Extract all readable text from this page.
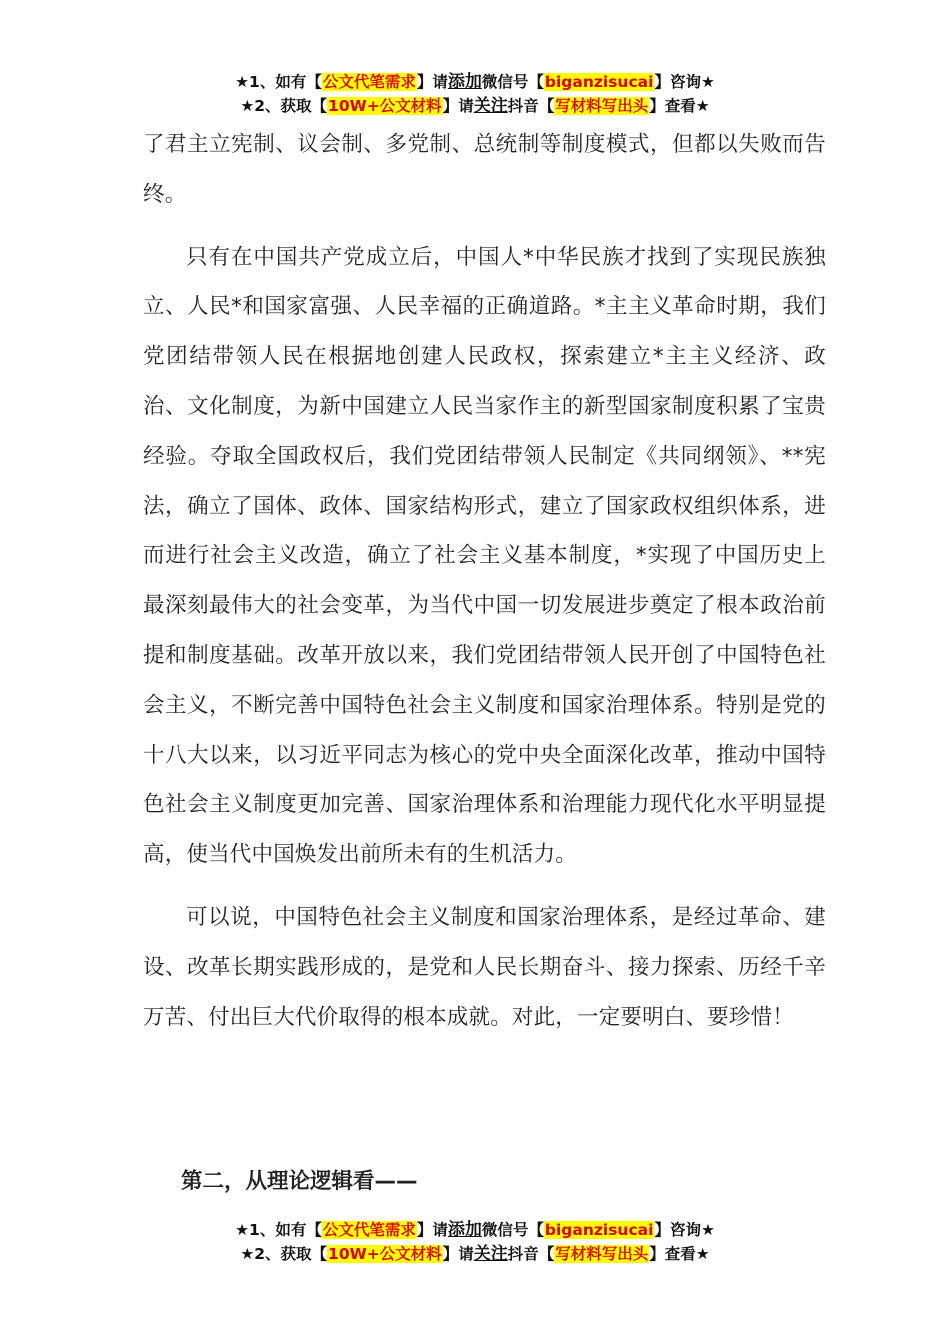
★1、如有【公文代笔需求】请添加微信号【biganzisucai】咨询★
★2、获取【10W+公文材料】请关注抖音【写材料写出头】查看★

了君主立宪制、议会制、多党制、总统制等制度模式，但都以失败而告终。

只有在中国共产党成立后，中国人*中华民族才找到了实现民族独立、人民*和国家富强、人民幸福的正确道路。*主主义革命时期，我们党团结带领人民在根据地创建人民政权，探索建立*主主义经济、政治、文化制度，为新中国建立人民当家作主的新型国家制度积累了宝贵经验。夺取全国政权后，我们党团结带领人民制定《共同纲领》、**宪法，确立了国体、政体、国家结构形式，建立了国家政权组织体系，进而进行社会主义改造，确立了社会主义基本制度，*实现了中国历史上最深刻最伟大的社会变革，为当代中国一切发展进步奠定了根本政治前提和制度基础。改革开放以来，我们党团结带领人民开创了中国特色社会主义，不断完善中国特色社会主义制度和国家治理体系。特别是党的十八大以来，以习近平同志为核心的党中央全面深化改革，推动中国特色社会主义制度更加完善、国家治理体系和治理能力现代化水平明显提高，使当代中国焕发出前所未有的生机活力。

可以说，中国特色社会主义制度和国家治理体系，是经过革命、建设、改革长期实践形成的，是党和人民长期奋斗、接力探索、历经千辛万苦、付出巨大代价取得的根本成就。对此，一定要明白、要珍惜！

第二，从理论逻辑看——
★1、如有【公文代笔需求】请添加微信号【biganzisucai】咨询★
★2、获取【10W+公文材料】请关注抖音【写材料写出头】查看★
